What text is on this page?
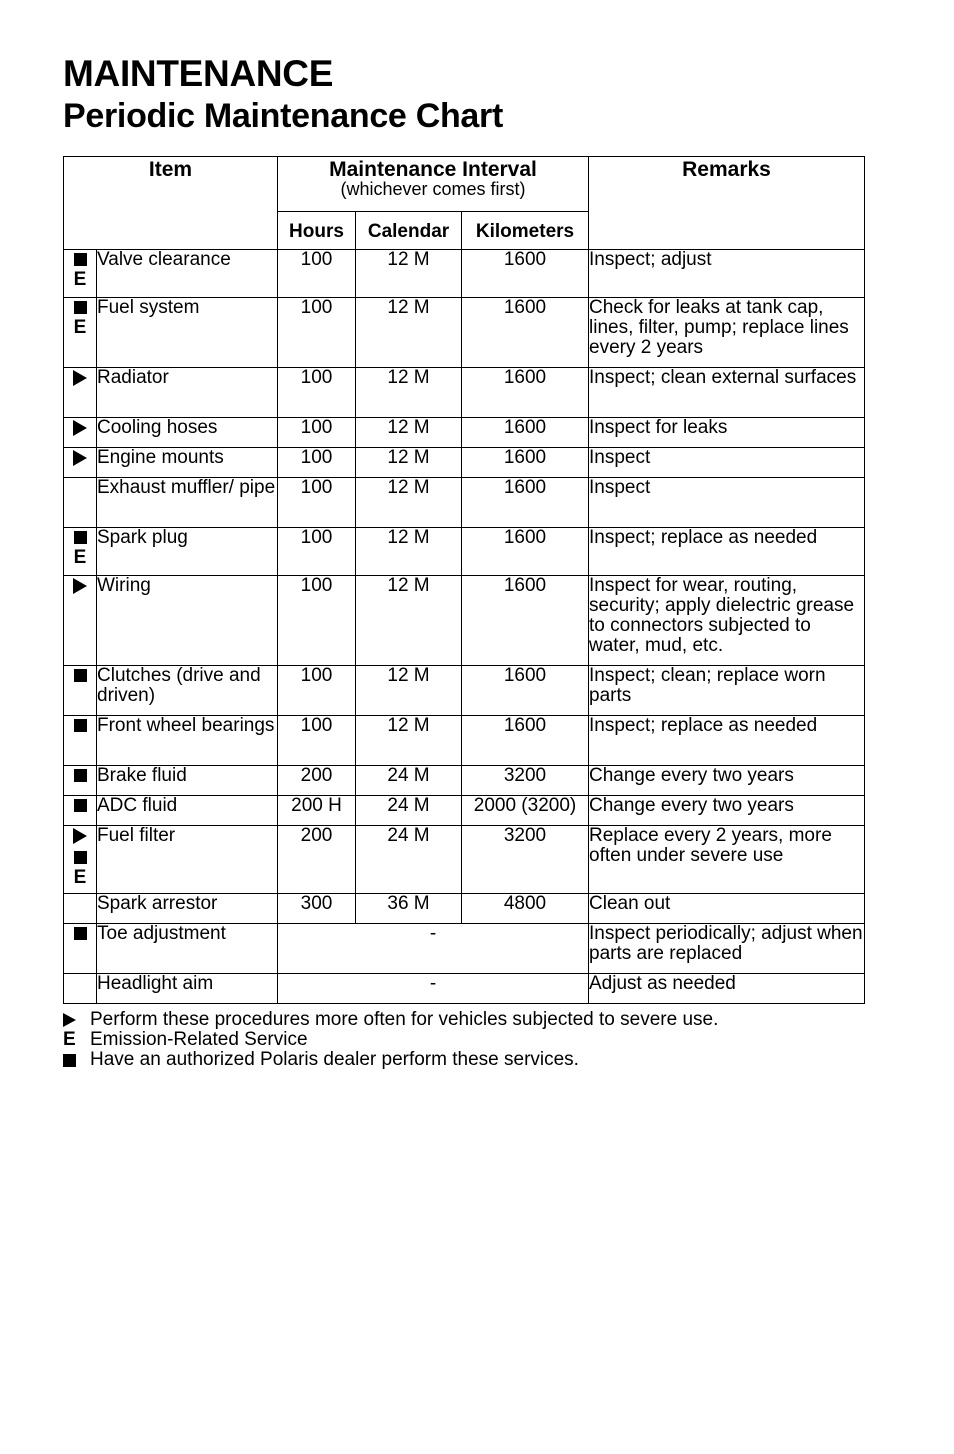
MAINTENANCE
Periodic Maintenance Chart
Item		Maintenance Interval
(whichever comes first)			Remarks
		Hours	Calendar	Kilometers	

E	Valve clearance	100	12 M	1600	Inspect; adjust

E	Fuel system	100	12 M	1600	Check for leaks at tank cap, lines, filter, pump; replace lines every 2 years

	Radiator	100	12 M	1600	Inspect; clean external surfaces

	Cooling hoses	100	12 M	1600	Inspect for leaks

	Engine mounts	100	12 M	1600	Inspect
	Exhaust muffler/ pipe	100	12 M	1600	Inspect

E	Spark plug	100	12 M	1600	Inspect; replace as needed

	Wiring	100	12 M	1600	Inspect for wear, routing, security; apply dielectric grease to connectors subjected to water, mud, etc.

	Clutches (drive and driven)	100	12 M	1600	Inspect; clean; replace worn parts

	Front wheel bearings	100	12 M	1600	Inspect; replace as needed

	Brake fluid	200	24 M	3200	Change every two years

	ADC fluid	200 H	24 M	2000 (3200)	Change every two years

E	Fuel filter	200	24 M	3200	Replace every 2 years, more often under severe use
	Spark arrestor	300	36 M	4800	Clean out

	Toe adjustment	-			Inspect periodically; adjust when parts are replaced
	Headlight aim	-			Adjust as needed
Perform these procedures more often for vehicles subjected to severe use.
E Emission-Related Service
Have an authorized Polaris dealer perform these services.
